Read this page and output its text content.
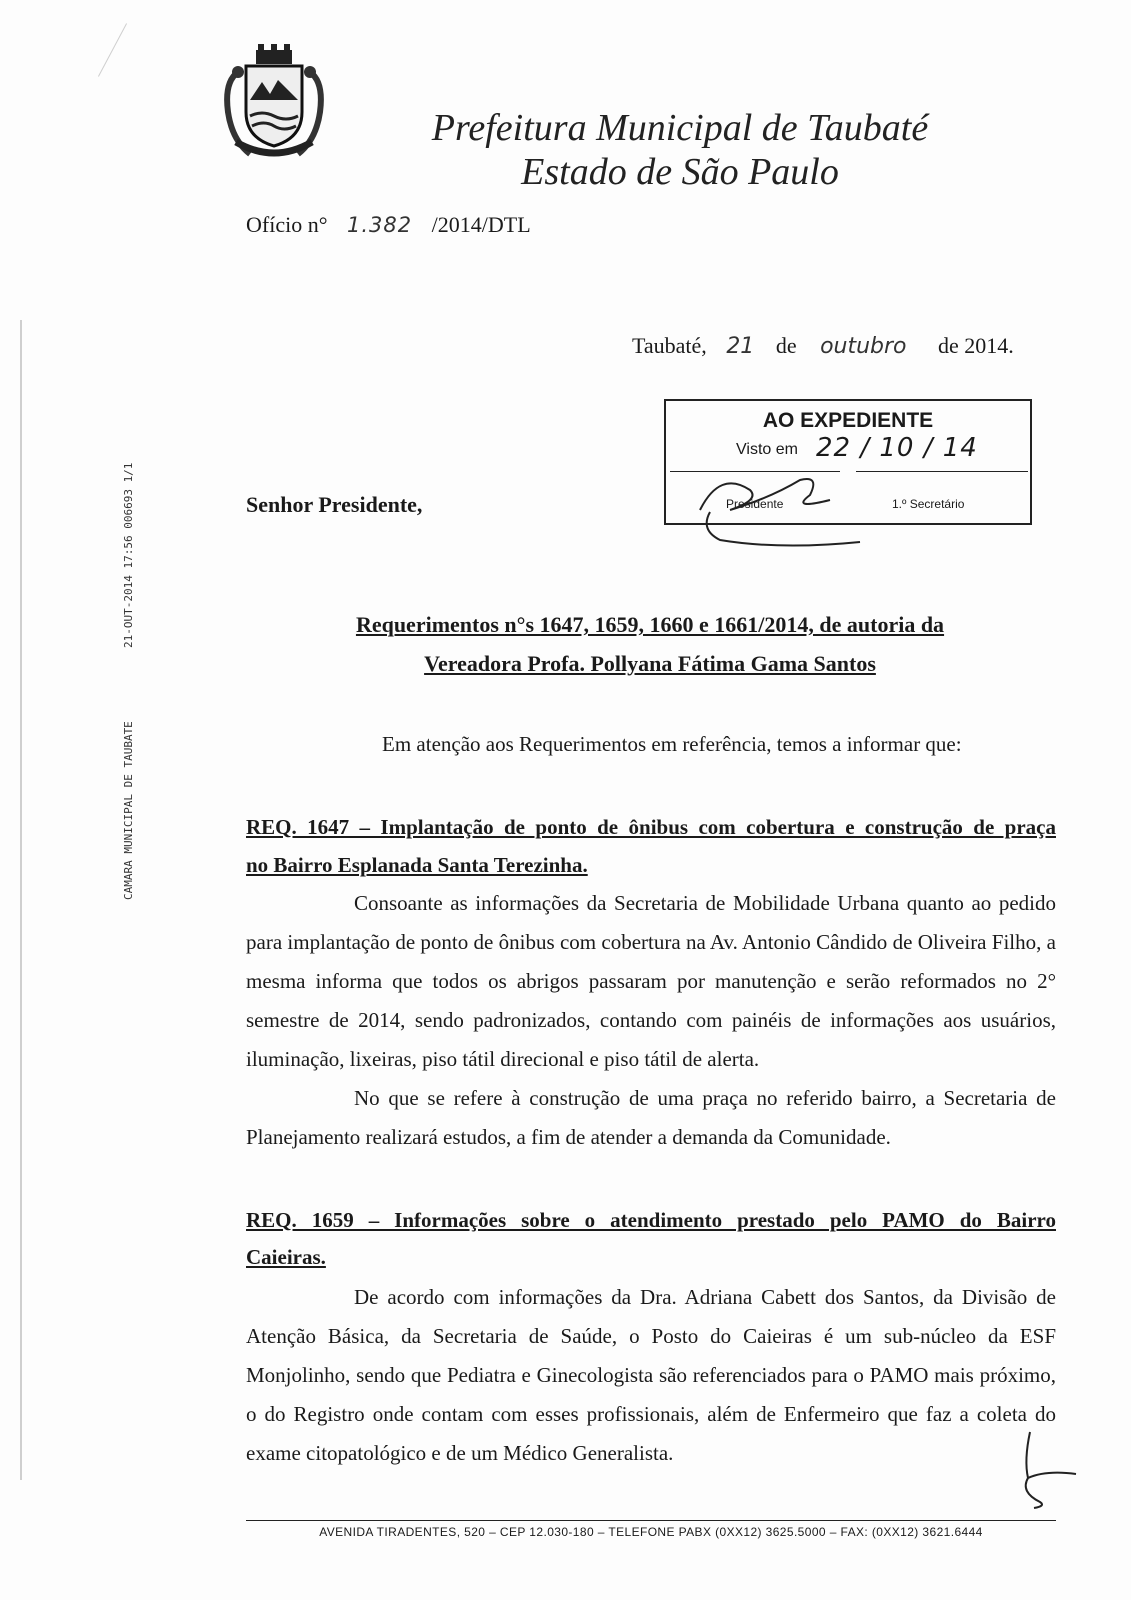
Prefeitura Municipal de Taubaté
Estado de São Paulo
Ofício n° 1.382 /2014/DTL
Taubaté, 21 de outubro de 2014.
AO EXPEDIENTE
Visto em 22 / 10 / 14
Presidente	1.º Secretário
21-OUT-2014 17:56 006693 1/1
CAMARA MUNICIPAL DE TAUBATE
Senhor Presidente,
Requerimentos n°s 1647, 1659, 1660 e 1661/2014, de autoria da
Vereadora Profa. Pollyana Fátima Gama Santos
Em atenção aos Requerimentos em referência, temos a informar que:
REQ. 1647 – Implantação de ponto de ônibus com cobertura e construção de praça
no Bairro Esplanada Santa Terezinha.
Consoante as informações da Secretaria de Mobilidade Urbana quanto ao pedido para implantação de ponto de ônibus com cobertura na Av. Antonio Cândido de Oliveira Filho, a mesma informa que todos os abrigos passaram por manutenção e serão reformados no 2° semestre de 2014, sendo padronizados, contando com painéis de informações aos usuários, iluminação, lixeiras, piso tátil direcional e piso tátil de alerta.
No que se refere à construção de uma praça no referido bairro, a Secretaria de Planejamento realizará estudos, a fim de atender a demanda da Comunidade.
REQ. 1659 – Informações sobre o atendimento prestado pelo PAMO do Bairro
Caieiras.
De acordo com informações da Dra. Adriana Cabett dos Santos, da Divisão de Atenção Básica, da Secretaria de Saúde, o Posto do Caieiras é um sub-núcleo da ESF Monjolinho, sendo que Pediatra e Ginecologista são referenciados para o PAMO mais próximo, o do Registro onde contam com esses profissionais, além de Enfermeiro que faz a coleta do exame citopatológico e de um Médico Generalista.
AVENIDA TIRADENTES, 520 – CEP 12.030-180 – TELEFONE PABX (0XX12) 3625.5000 – FAX: (0XX12) 3621.6444
